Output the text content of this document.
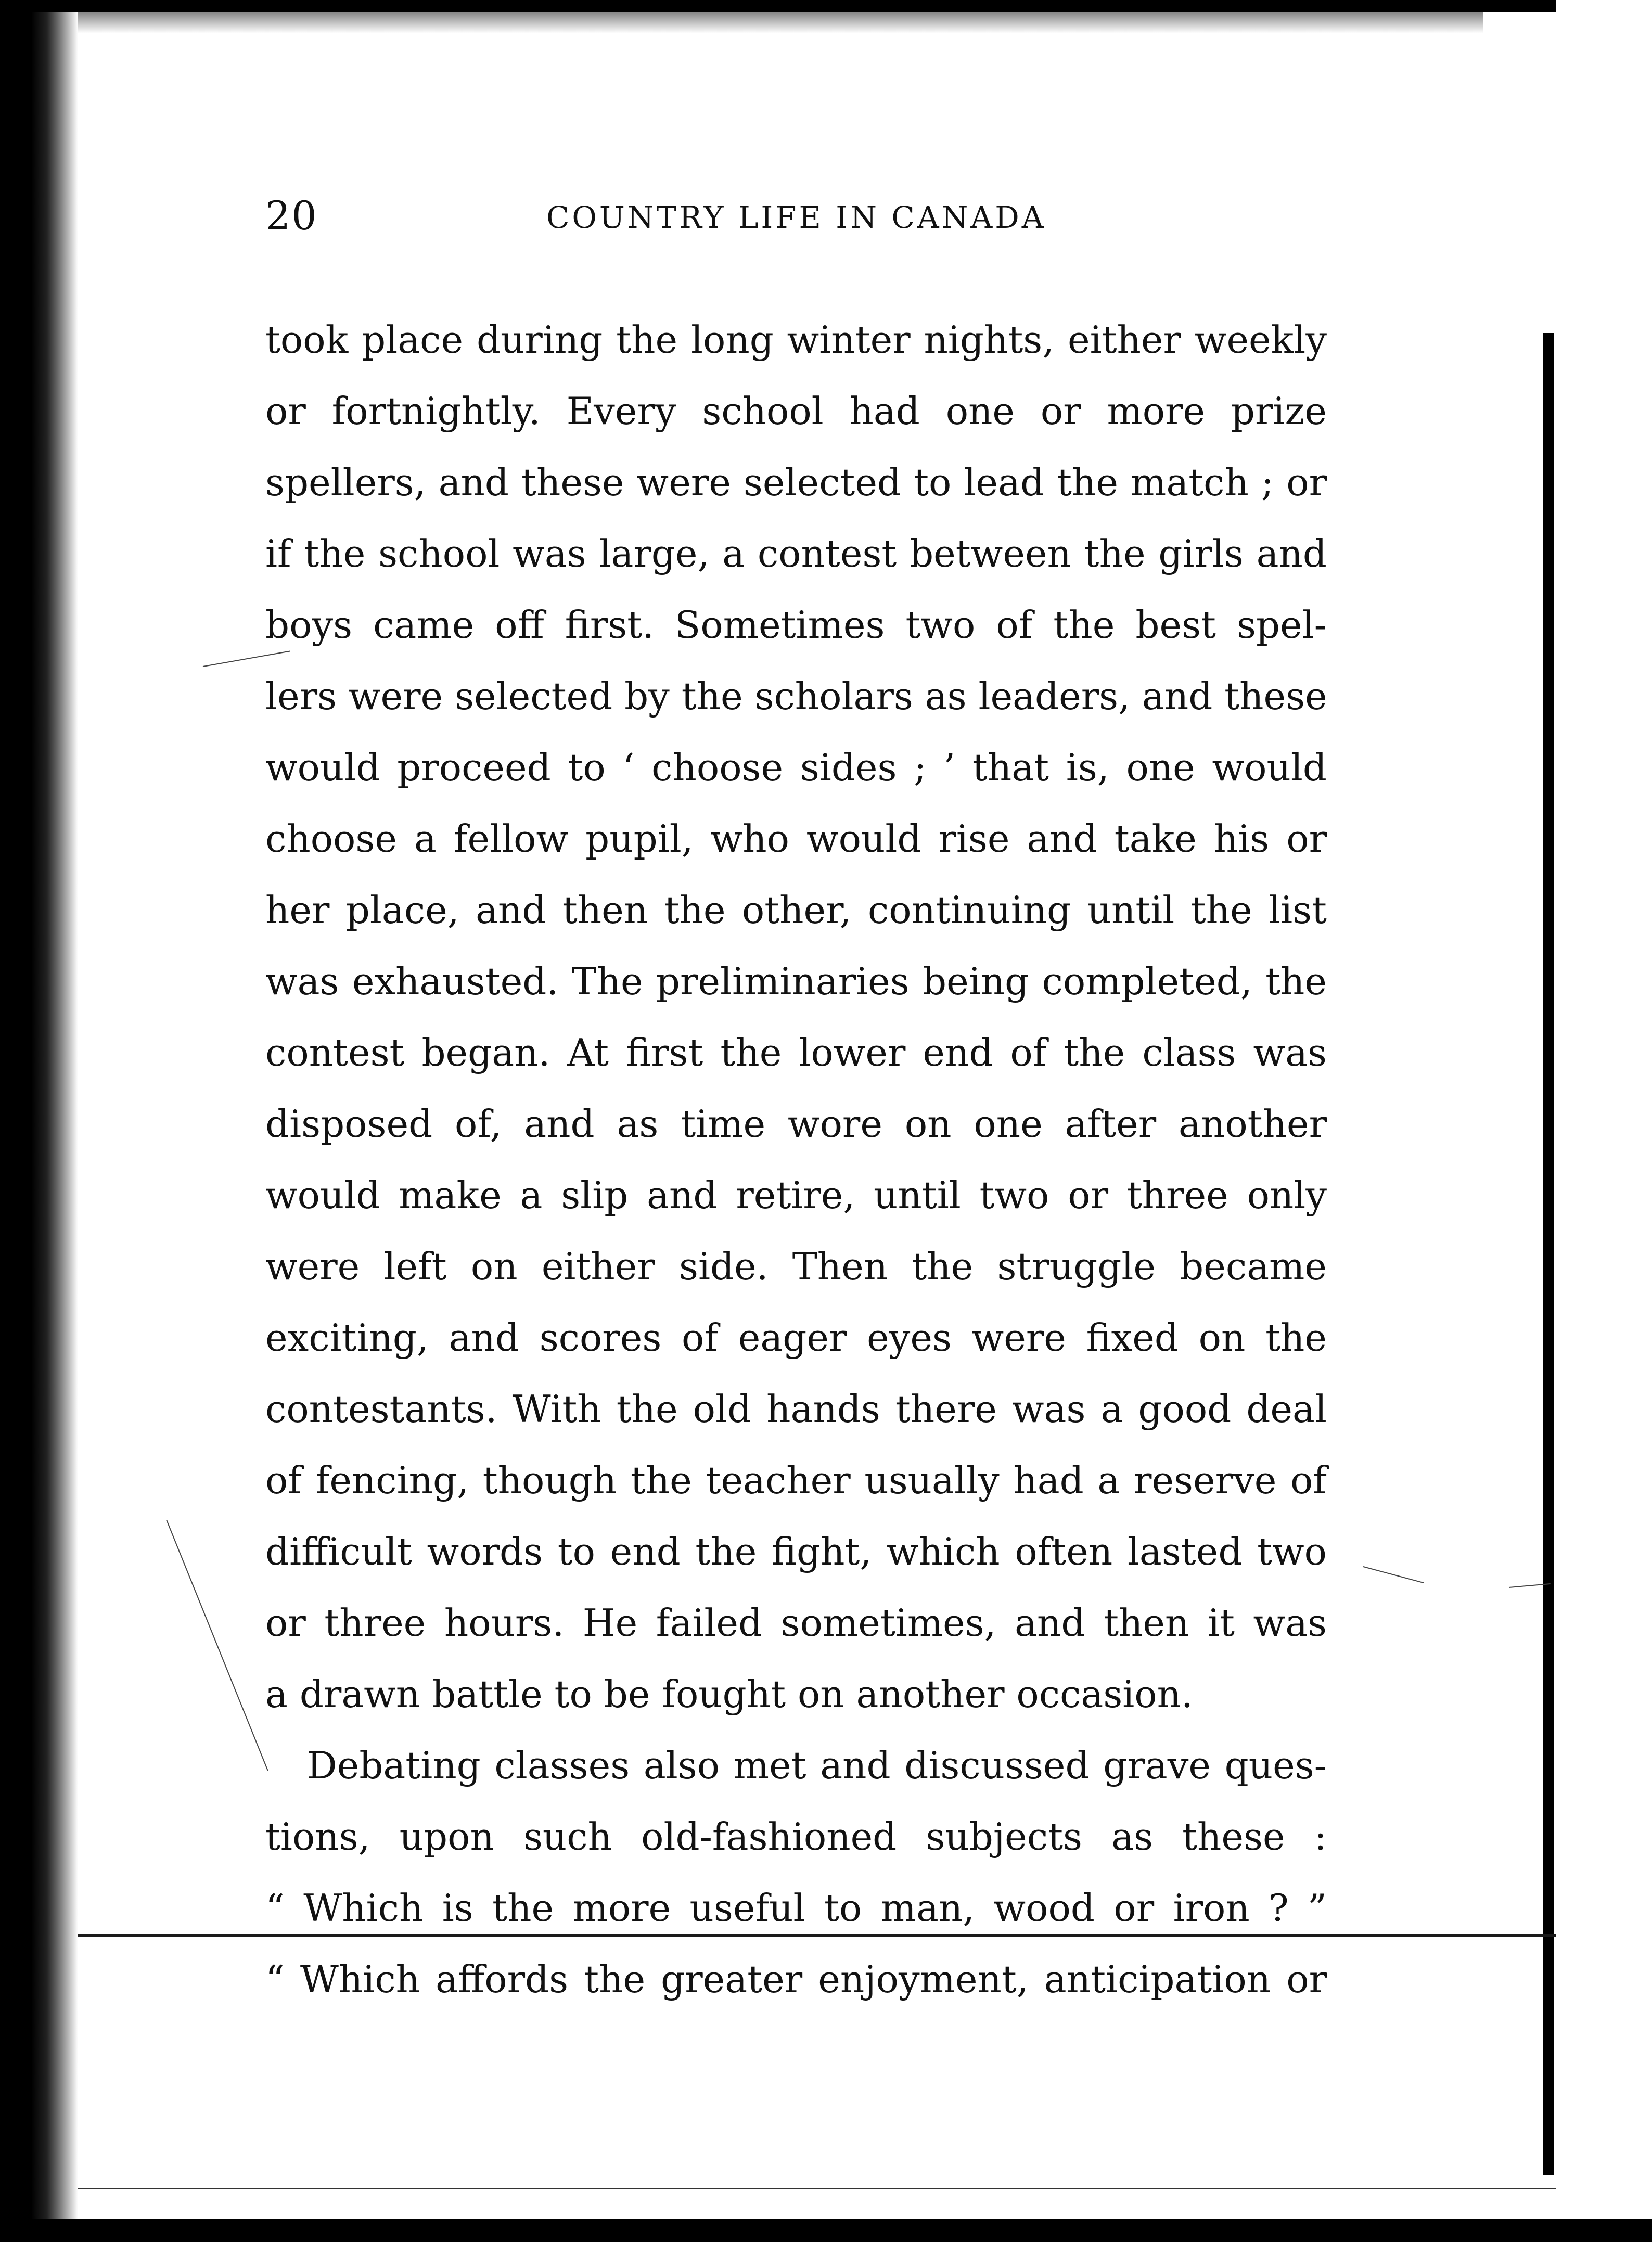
20	COUNTRY LIFE IN CANADA
took place during the long winter nights, either weekly
or fortnightly. Every school had one or more prize
spellers, and these were selected to lead the match ; or
if the school was large, a contest between the girls and
boys came off first. Sometimes two of the best spel-
lers were selected by the scholars as leaders, and these
would proceed to ‘ choose sides ; ’ that is, one would
choose a fellow pupil, who would rise and take his or
her place, and then the other, continuing until the list
was exhausted. The preliminaries being completed, the
contest began. At first the lower end of the class was
disposed of, and as time wore on one after another
would make a slip and retire, until two or three only
were left on either side. Then the struggle became
exciting, and scores of eager eyes were fixed on the
contestants. With the old hands there was a good deal
of fencing, though the teacher usually had a reserve of
difficult words to end the fight, which often lasted two
or three hours. He failed sometimes, and then it was
a drawn battle to be fought on another occasion.
Debating classes also met and discussed grave ques-
tions, upon such old-fashioned subjects as these :
“ Which is the more useful to man, wood or iron ? ”
“ Which affords the greater enjoyment, anticipation or
